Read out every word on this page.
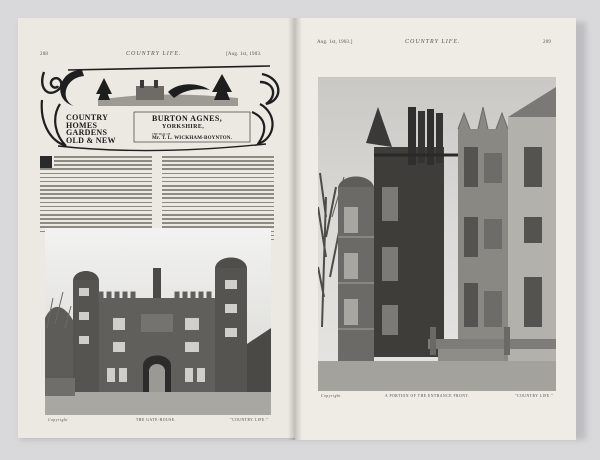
208	COUNTRY LIFE.	[Aug. 1st, 1903.
COUNTRY
HOMES
GARDENS
OLD & NEW
BURTON AGNES,
YORKSHIRE,
THE SEAT OF
Mr. T. L. WICKHAM-BOYNTON.
Copyright	THE GATE-HOUSE.	"COUNTRY LIFE."
Aug. 1st, 1903.]	COUNTRY LIFE.	209
Copyright	A PORTION OF THE ENTRANCE FRONT.	"COUNTRY LIFE."
